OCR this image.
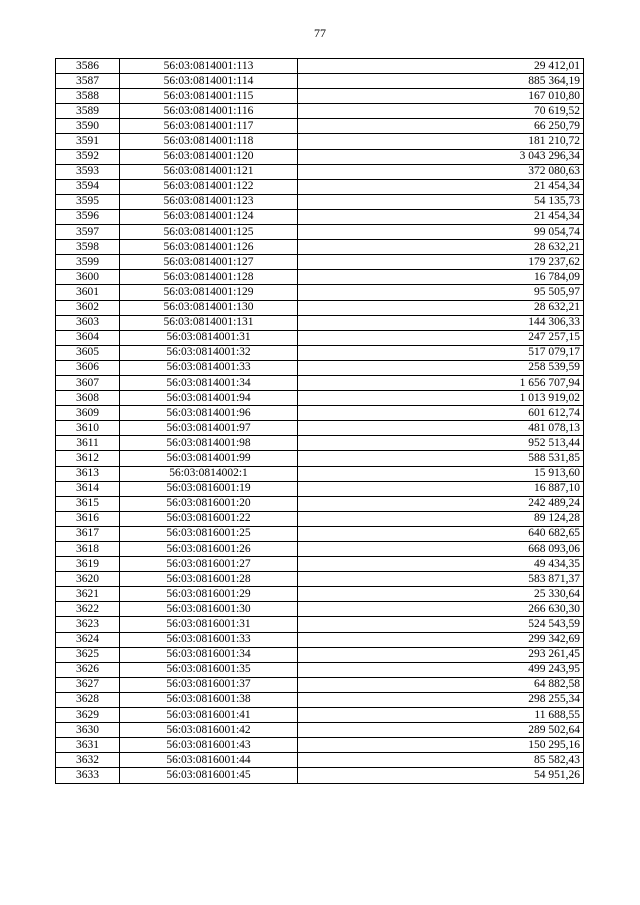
77
3586	56:03:0814001:113	29 412,01
3587	56:03:0814001:114	885 364,19
3588	56:03:0814001:115	167 010,80
3589	56:03:0814001:116	70 619,52
3590	56:03:0814001:117	66 250,79
3591	56:03:0814001:118	181 210,72
3592	56:03:0814001:120	3 043 296,34
3593	56:03:0814001:121	372 080,63
3594	56:03:0814001:122	21 454,34
3595	56:03:0814001:123	54 135,73
3596	56:03:0814001:124	21 454,34
3597	56:03:0814001:125	99 054,74
3598	56:03:0814001:126	28 632,21
3599	56:03:0814001:127	179 237,62
3600	56:03:0814001:128	16 784,09
3601	56:03:0814001:129	95 505,97
3602	56:03:0814001:130	28 632,21
3603	56:03:0814001:131	144 306,33
3604	56:03:0814001:31	247 257,15
3605	56:03:0814001:32	517 079,17
3606	56:03:0814001:33	258 539,59
3607	56:03:0814001:34	1 656 707,94
3608	56:03:0814001:94	1 013 919,02
3609	56:03:0814001:96	601 612,74
3610	56:03:0814001:97	481 078,13
3611	56:03:0814001:98	952 513,44
3612	56:03:0814001:99	588 531,85
3613	56:03:0814002:1	15 913,60
3614	56:03:0816001:19	16 887,10
3615	56:03:0816001:20	242 489,24
3616	56:03:0816001:22	89 124,28
3617	56:03:0816001:25	640 682,65
3618	56:03:0816001:26	668 093,06
3619	56:03:0816001:27	49 434,35
3620	56:03:0816001:28	583 871,37
3621	56:03:0816001:29	25 330,64
3622	56:03:0816001:30	266 630,30
3623	56:03:0816001:31	524 543,59
3624	56:03:0816001:33	299 342,69
3625	56:03:0816001:34	293 261,45
3626	56:03:0816001:35	499 243,95
3627	56:03:0816001:37	64 882,58
3628	56:03:0816001:38	298 255,34
3629	56:03:0816001:41	11 688,55
3630	56:03:0816001:42	289 502,64
3631	56:03:0816001:43	150 295,16
3632	56:03:0816001:44	85 582,43
3633	56:03:0816001:45	54 951,26
